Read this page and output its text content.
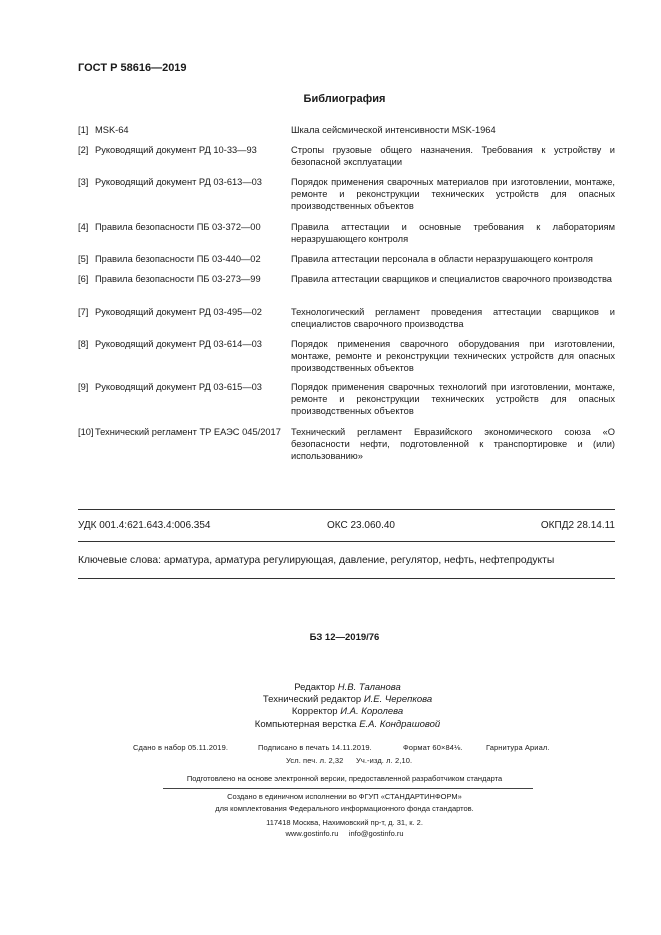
ГОСТ Р 58616—2019
Библиография
[1] MSK-64	Шкала сейсмической интенсивности MSK-1964
[2] Руководящий документ РД 10-33—93	Стропы грузовые общего назначения. Требования к устройству и безопасной эксплуатации
[3] Руководящий документ РД 03-613—03	Порядок применения сварочных материалов при изготовлении, монтаже, ремонте и реконструкции технических устройств для опасных производственных объектов
[4] Правила безопасности ПБ 03-372—00	Правила аттестации и основные требования к лабораториям неразрушающего контроля
[5] Правила безопасности ПБ 03-440—02	Правила аттестации персонала в области неразрушающего контроля
[6] Правила безопасности ПБ 03-273—99	Правила аттестации сварщиков и специалистов сварочного производства
[7] Руководящий документ РД 03-495—02	Технологический регламент проведения аттестации сварщиков и специалистов сварочного производства
[8] Руководящий документ РД 03-614—03	Порядок применения сварочного оборудования при изготовлении, монтаже, ремонте и реконструкции технических устройств для опасных производственных объектов
[9] Руководящий документ РД 03-615—03	Порядок применения сварочных технологий при изготовлении, монтаже, ремонте и реконструкции технических устройств для опасных производственных объектов
[10] Технический регламент ТР ЕАЭС 045/2017	Технический регламент Евразийского экономического союза «О безопасности нефти, подготовленной к транспортировке и (или) использованию»
УДК 001.4:621.643.4:006.354	ОКС 23.060.40	ОКПД2 28.14.11
Ключевые слова: арматура, арматура регулирующая, давление, регулятор, нефть, нефтепродукты
БЗ 12—2019/76
Редактор Н.В. Таланова
Технический редактор И.Е. Черепкова
Корректор И.А. Королева
Компьютерная верстка Е.А. Кондрашовой
Сдано в набор 05.11.2019.	Подписано в печать 14.11.2019.	Формат 60×84⅛.	Гарнитура Ариал.
Усл. печ. л. 2,32 Уч.-изд. л. 2,10.
Подготовлено на основе электронной версии, предоставленной разработчиком стандарта
Создано в единичном исполнении во ФГУП «СТАНДАРТИНФОРМ»
для комплектования Федерального информационного фонда стандартов.
117418 Москва, Нахимовский пр-т, д. 31, к. 2.
www.gostinfo.ru info@gostinfo.ru
